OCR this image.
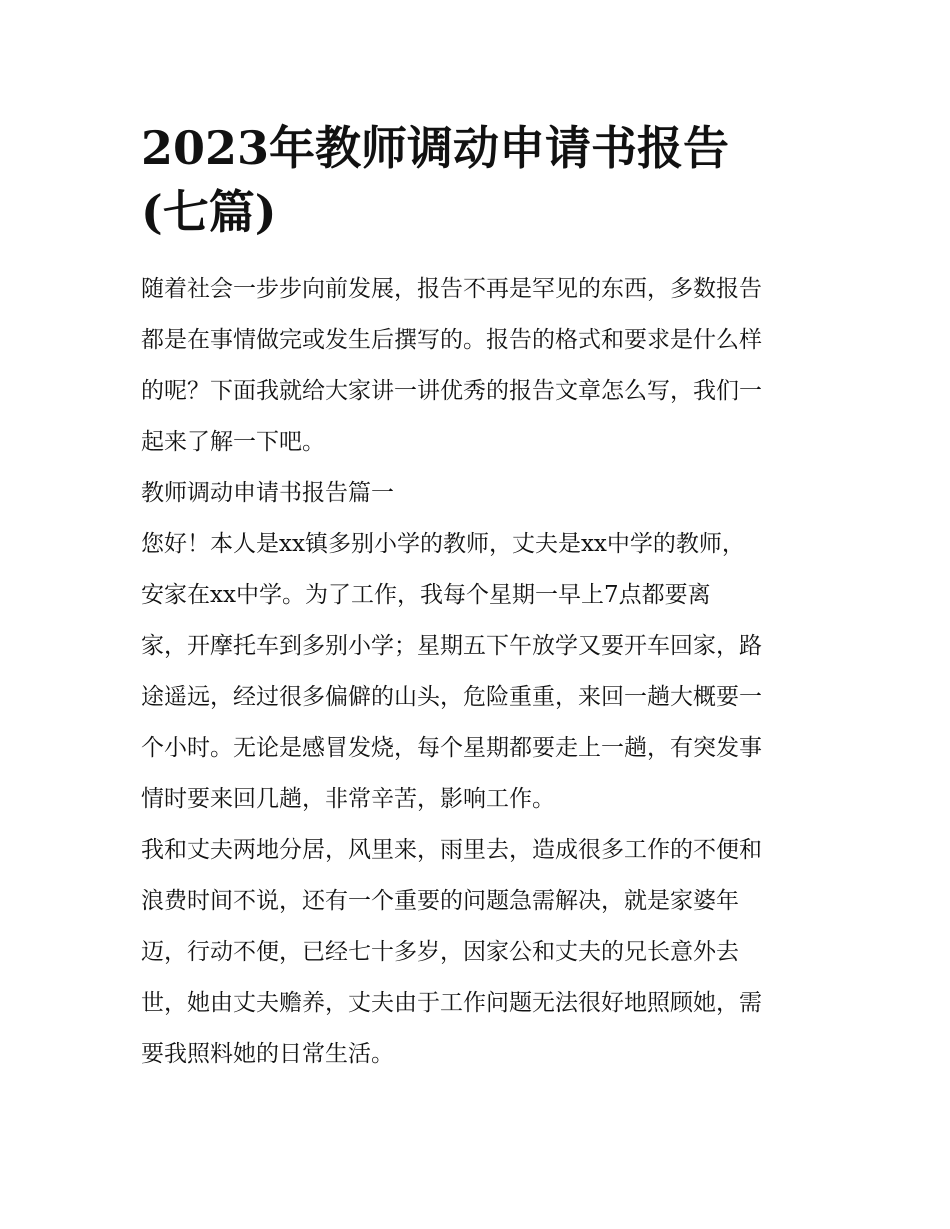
2023年教师调动申请书报告
(七篇)

随着社会一步步向前发展，报告不再是罕见的东西，多数报告
都是在事情做完或发生后撰写的。报告的格式和要求是什么样
的呢？下面我就给大家讲一讲优秀的报告文章怎么写，我们一
起来了解一下吧。

教师调动申请书报告篇一

您好！本人是xx镇多别小学的教师，丈夫是xx中学的教师，
安家在xx中学。为了工作，我每个星期一早上7点都要离
家，开摩托车到多别小学；星期五下午放学又要开车回家，路
途遥远，经过很多偏僻的山头，危险重重，来回一趟大概要一
个小时。无论是感冒发烧，每个星期都要走上一趟，有突发事
情时要来回几趟，非常辛苦，影响工作。

我和丈夫两地分居，风里来，雨里去，造成很多工作的不便和
浪费时间不说，还有一个重要的问题急需解决，就是家婆年
迈，行动不便，已经七十多岁，因家公和丈夫的兄长意外去
世，她由丈夫赡养，丈夫由于工作问题无法很好地照顾她，需
要我照料她的日常生活。
